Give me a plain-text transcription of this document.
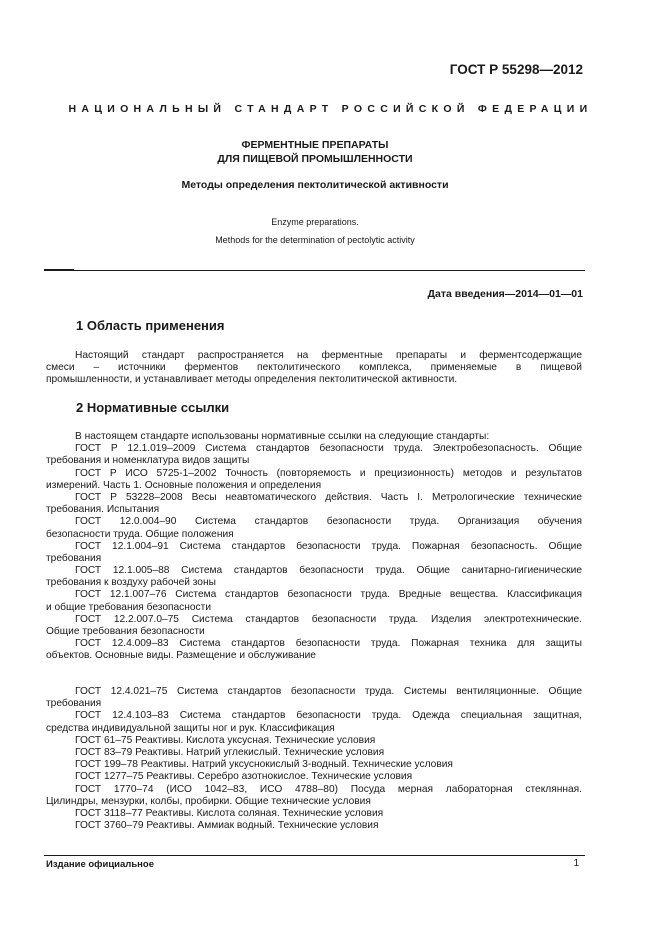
ГОСТ Р 55298—2012
НАЦИОНАЛЬНЫЙ СТАНДАРТ РОССИЙСКОЙ ФЕДЕРАЦИИ
ФЕРМЕНТНЫЕ ПРЕПАРАТЫ
ДЛЯ ПИЩЕВОЙ ПРОМЫШЛЕННОСТИ
Методы определения пектолитической активности
Enzyme preparations.
Methods for the determination of pectolytic activity
Дата введения—2014—01—01
1 Область применения
Настоящий стандарт распространяется на ферментные препараты и ферментсодержащие
смеси – источники ферментов пектолитического комплекса, применяемые в пищевой
промышленности, и устанавливает методы определения пектолитической активности.
2 Нормативные ссылки
В настоящем стандарте использованы нормативные ссылки на следующие стандарты:
ГОСТ Р 12.1.019–2009 Система стандартов безопасности труда. Электробезопасность. Общие
требования и номенклатура видов защиты
ГОСТ Р ИСО 5725-1–2002 Точность (повторяемость и прецизионность) методов и результатов
измерений. Часть 1. Основные положения и определения
ГОСТ Р 53228–2008 Весы неавтоматического действия. Часть I. Метрологические технические
требования. Испытания
ГОСТ 12.0.004–90 Система стандартов безопасности труда. Организация обучения
безопасности труда. Общие положения
ГОСТ 12.1.004–91 Система стандартов безопасности труда. Пожарная безопасность. Общие
требования
ГОСТ 12.1.005–88 Система стандартов безопасности труда. Общие санитарно-гигиенические
требования к воздуху рабочей зоны
ГОСТ 12.1.007–76 Система стандартов безопасности труда. Вредные вещества. Классификация
и общие требования безопасности
ГОСТ 12.2.007.0–75 Система стандартов безопасности труда. Изделия электротехнические.
Общие требования безопасности
ГОСТ 12.4.009–83 Система стандартов безопасности труда. Пожарная техника для защиты
объектов. Основные виды. Размещение и обслуживание
ГОСТ 12.4.021–75 Система стандартов безопасности труда. Системы вентиляционные. Общие
требования
ГОСТ 12.4.103–83 Система стандартов безопасности труда. Одежда специальная защитная,
средства индивидуальной защиты ног и рук. Классификация
ГОСТ 61–75 Реактивы. Кислота уксусная. Технические условия
ГОСТ 83–79 Реактивы. Натрий углекислый. Технические условия
ГОСТ 199–78 Реактивы. Натрий уксуснокислый 3-водный. Технические условия
ГОСТ 1277–75 Реактивы. Серебро азотнокислое. Технические условия
ГОСТ 1770–74 (ИСО 1042–83, ИСО 4788–80) Посуда мерная лабораторная стеклянная.
Цилиндры, мензурки, колбы, пробирки. Общие технические условия
ГОСТ 3118–77 Реактивы. Кислота соляная. Технические условия
ГОСТ 3760–79 Реактивы. Аммиак водный. Технические условия
Издание официальное	1
